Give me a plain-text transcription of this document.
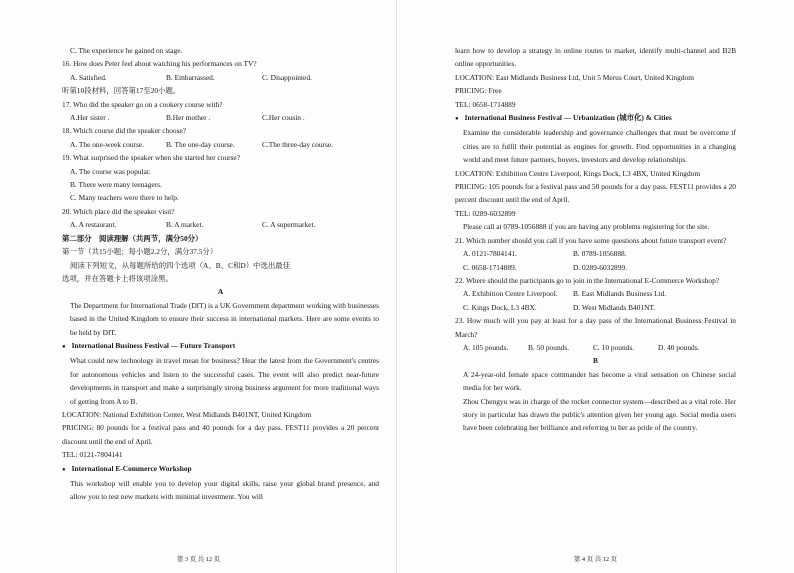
C. The experience he gained on stage.

16. How does Peter feel about watching his performances on TV?

A. Satisfied.	B. Embarrassed.	C. Disappointed.

听第10段材料，回答第17至20小题。

17. Who did the speaker go on a cookery course with?

A.Her sister .	B.Her mother .	C.Her cousin .

18. Which course did the speaker choose?

A. The one-week course.	B. The one-day course.	C.The three-day course.

19. What surprised the speaker when she started her course?

A. The course was popular.

B. There were many teenagers.

C. Many teachers were there to help.

20. Which place did the speaker visit?

A. A restaurant.	B. A market.	C. A supermarket.

第二部分　阅读理解（共两节，满分50分）

第一节（共15小题；每小题2.2分，满分37.5分）

阅读下列短文，从每题所给的四个选项（A、B、C和D）中选出最佳

选项，并在答题卡上将该项涂黑。

A

The Department for International Trade (DIT) is a UK Government department working with businesses based in the United Kingdom to ensure their success in international markets. Here are some events to be held by DIT.

● International Business Festival — Future Transport

What could new technology in travel mean for business? Hear the latest from the Government's centres for autonomous vehicles and listen to the successful cases. The event will also predict near-future developments in transport and make a surprisingly strong business argument for more traditional ways of getting from A to B.

LOCATION: National Exhibition Center, West Midlands B401NT, United Kingdom

PRICING: 80 pounds for a festival pass and 40 pounds for a day pass. FEST11 provides a 20 percent discount until the end of April.

TEL: 0121-7804141

● International E-Commerce Workshop

This workshop will enable you to develop your digital skills, raise your global brand presence, and allow you to test new markets with minimal investment. You will

第 3 页 共 12 页

learn how to develop a strategy in online routes to market, identify multi-channel and B2B online opportunities.

LOCATION: East Midlands Business Ltd, Unit 5 Merus Court, United Kingdom

PRICING: Free

TEL: 0658-1714889

● International Business Festival — Urbanization (城市化) & Cities

Examine the considerable leadership and governance challenges that must be overcome if cities are to fulfil their potential as engines for growth. Find opportunities in a changing world and meet future partners, buyers, investors and develop relationships.

LOCATION: Exhibition Centre Liverpool, Kings Dock, L3 4BX, United Kingdom

PRICING: 105 pounds for a festival pass and 50 pounds for a day pass. FEST11 provides a 20 percent discount until the end of April.

TEL: 0289-6032899

Please call at 0789-1056888 if you are having any problems registering for the site.

21. Which number should you call if you have some questions about future transport event?

A. 0121-7804141.	B. 0789-1056888.
C. 0658-1714889.	D. 0289-6032899.

22. Where should the participants go to join in the International E-Commerce Workshop?

A. Exhibition Centre Liverpool.	B. East Midlands Business Ltd.
C. Kings Dock, L3 4BX.	D. West Midlands B401NT.

23. How much will you pay at least for a day pass of the International Business Festival in March?

A. 105 pounds.	B. 50 pounds.	C. 10 pounds.	D. 40 pounds.

B

A 24-year-old female space commander has become a viral sensation on Chinese social media for her work.

Zhou Chengyu was in charge of the rocket connector system—described as a vital role. Her story in particular has drawn the public's attention given her young age. Social media users have been celebrating her brilliance and referring to her as pride of the country.

第 4 页 共 12 页
